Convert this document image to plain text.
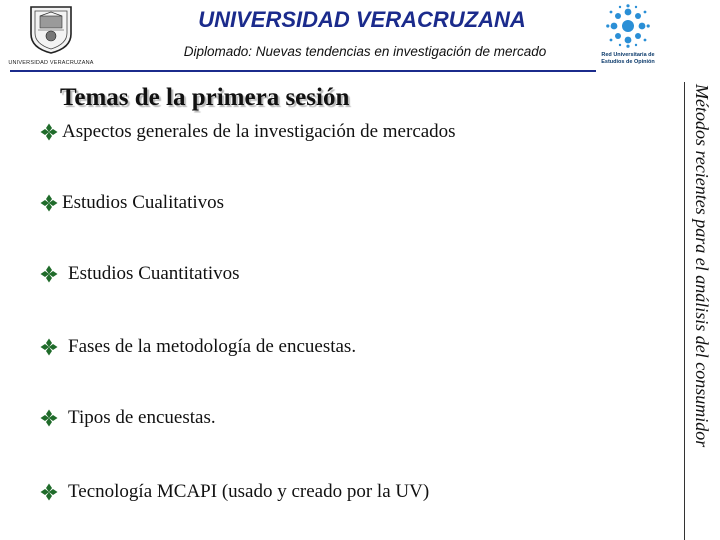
UNIVERSIDAD VERACRUZANA
UNIVERSIDAD VERACRUZANA
Diplomado: Nuevas tendencias en investigación de mercado	Red Universitaria de Estudios de Opinión
Temas de la primera sesión	Métodos recientes para el análisis del consumidor
Aspectos generales de la investigación de mercados
Estudios Cualitativos
Estudios Cuantitativos
Fases de la metodología de encuestas.
Tipos de encuestas.
Tecnología MCAPI (usado y creado por la UV)
